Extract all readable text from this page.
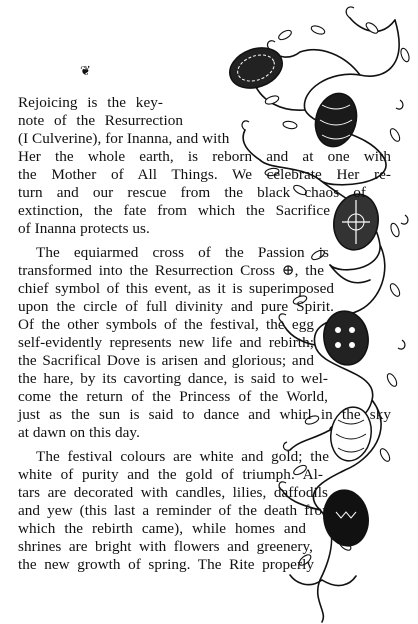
❦
Rejoicing is the key-
note of the Resurrection
(I Culverine), for Inanna, and with
Her the whole earth, is reborn and at one with
the Mother of All Things. We celebrate Her re-
turn and our rescue from the black chaos of
extinction, the fate from which the Sacrifice
of Inanna protects us.
The equiarmed cross of the Passion is
transformed into the Resurrection Cross ⊕, the
chief symbol of this event, as it is superimposed
upon the circle of full divinity and pure Spirit.
Of the other symbols of the festival, the egg
self-evidently represents new life and rebirth;
the Sacrifical Dove is arisen and glorious; and
the hare, by its cavorting dance, is said to wel-
come the return of the Princess of the World,
just as the sun is said to dance and whirl in the sky
at dawn on this day.
The festival colours are white and gold; the
white of purity and the gold of triumph. Al-
tars are decorated with candles, lilies, daffodils
and yew (this last a reminder of the death from
which the rebirth came), while homes and
shrines are bright with flowers and greenery,
the new growth of spring. The Rite properly
